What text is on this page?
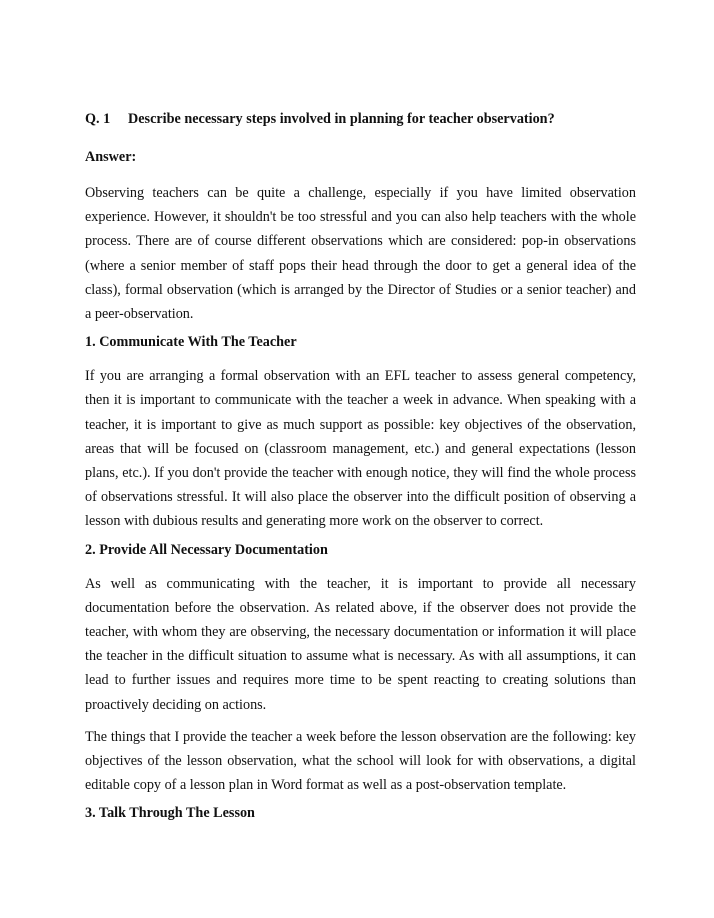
Q. 1	Describe necessary steps involved in planning for teacher observation?
Answer:

Observing teachers can be quite a challenge, especially if you have limited observation experience. However, it shouldn't be too stressful and you can also help teachers with the whole process. There are of course different observations which are considered: pop-in observations (where a senior member of staff pops their head through the door to get a general idea of the class), formal observation (which is arranged by the Director of Studies or a senior teacher) and a peer-observation.

1. Communicate With The Teacher

If you are arranging a formal observation with an EFL teacher to assess general competency, then it is important to communicate with the teacher a week in advance. When speaking with a teacher, it is important to give as much support as possible: key objectives of the observation, areas that will be focused on (classroom management, etc.) and general expectations (lesson plans, etc.). If you don't provide the teacher with enough notice, they will find the whole process of observations stressful. It will also place the observer into the difficult position of observing a lesson with dubious results and generating more work on the observer to correct.

2. Provide All Necessary Documentation

As well as communicating with the teacher, it is important to provide all necessary documentation before the observation. As related above, if the observer does not provide the teacher, with whom they are observing, the necessary documentation or information it will place the teacher in the difficult situation to assume what is necessary. As with all assumptions, it can lead to further issues and requires more time to be spent reacting to creating solutions than proactively deciding on actions.

The things that I provide the teacher a week before the lesson observation are the following: key objectives of the lesson observation, what the school will look for with observations, a digital editable copy of a lesson plan in Word format as well as a post-observation template.

3. Talk Through The Lesson
